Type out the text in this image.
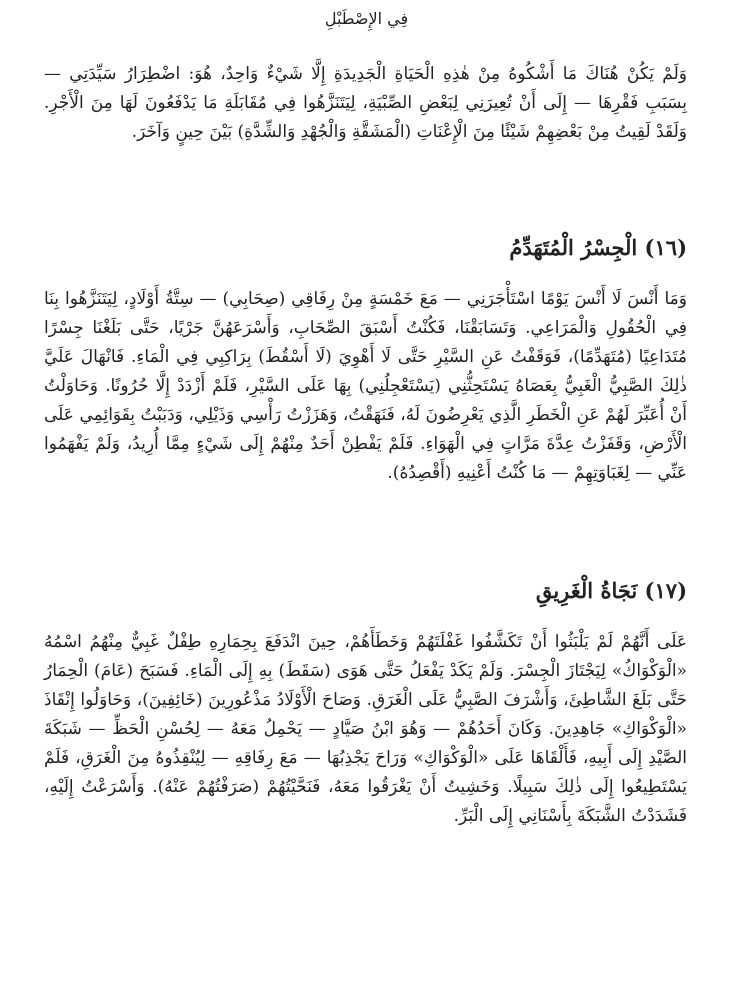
فِي الإِصْطَبْلِ

وَلَمْ يَكُنْ هُنَاكَ مَا أَشْكُوهُ مِنْ هٰذِهِ الْحَيَاةِ الْجَدِيدَةِ إِلَّا شَيْءٌ وَاحِدٌ، هُوَ: اضْطِرَارُ سَيِّدَتِي — بِسَبَبِ فَقْرِهَا — إِلَى أَنْ تُعِيرَنِي لِبَعْضِ الصِّبْيَةِ، لِيَتَنَزَّهُوا فِي مُقَابَلَةِ مَا يَدْفَعُونَ لَهَا مِنَ الْأَجْرِ. وَلَقَدْ لَقِيتُ مِنْ بَعْضِهِمْ شَيْئًا مِنَ الْإِعْنَاتِ (الْمَشَقَّةِ وَالْجُهْدِ وَالشِّدَّةِ) بَيْنَ حِينٍ وَآخَرَ.

(١٦) الْجِسْرُ الْمُتَهَدِّمُ

وَمَا أَنْسَ لَا أَنْسَ يَوْمًا اسْتَأْجَرَنِي — مَعَ خَمْسَةٍ مِنْ رِفَاقِي (صِحَابِي) — سِتَّةُ أَوْلَادٍ، لِيَتَنَزَّهُوا بِنَا فِي الْحُقُولِ وَالْمَرَاعِي. وَتَسَابَقْنَا، فَكُنْتُ أَسْبَقَ الصِّحَابِ، وَأَسْرَعَهُنَّ جَرْيًا، حَتَّى بَلَغْنَا جِسْرًا مُتَدَاعِيًا (مُتَهَدِّمًا)، فَوَقَفْتُ عَنِ السَّيْرِ حَتَّى لَا أَهْوِيَ (لَا أَسْقُطَ) بِرَاكِبِي فِي الْمَاءِ. فَانْهَالَ عَلَيَّ ذٰلِكَ الصَّبِيُّ الْغَبِيُّ بِعَصَاهُ يَسْتَحِثُّنِي (يَسْتَعْجِلُنِي) بِهَا عَلَى السَّيْرِ، فَلَمْ أَزْدَدْ إِلَّا حُرُونًا. وَحَاوَلْتُ أَنْ أُعَبِّرَ لَهُمْ عَنِ الْخَطَرِ الَّذِي يَعْرِضُونَ لَهُ، فَنَهَقْتُ، وَهَزَزْتُ رَأْسِي وَذَيْلِي، وَدَبَبْتُ بِقَوَائِمِي عَلَى الْأَرْضِ، وَقَفَزْتُ عِدَّةَ مَرَّاتٍ فِي الْهَوَاءِ. فَلَمْ يَفْطِنْ أَحَدٌ مِنْهُمْ إِلَى شَيْءٍ مِمَّا أُرِيدُ، وَلَمْ يَفْهَمُوا عَنِّي — لِغَبَاوَتِهِمْ — مَا كُنْتُ أَعْنِيهِ (أَقْصِدُهُ).

(١٧) نَجَاةُ الْغَرِيقِ

عَلَى أَنَّهُمْ لَمْ يَلْبَثُوا أَنْ تَكَشَّفُوا غَفْلَتَهُمْ وَخَطَأَهُمْ، حِينَ انْدَفَعَ بِحِمَارِهِ طِفْلٌ غَبِيٌّ مِنْهُمُ اسْمُهُ «الْوَكْوَاكُ» لِيَجْتَازَ الْجِسْرَ. وَلَمْ يَكَدْ يَفْعَلُ حَتَّى هَوَى (سَقَطَ) بِهِ إِلَى الْمَاءِ. فَسَبَحَ (عَامَ) الْحِمَارُ حَتَّى بَلَغَ الشَّاطِئَ، وَأَشْرَفَ الصَّبِيُّ عَلَى الْغَرَقِ. وَصَاحَ الْأَوْلَادُ مَذْعُورِينَ (خَائِفِينَ)، وَحَاوَلُوا إِنْقَاذَ «الْوَكْوَاكِ» جَاهِدِينَ. وَكَانَ أَحَدُهُمْ — وَهُوَ ابْنُ صَيَّادٍ — يَحْمِلُ مَعَهُ — لِحُسْنِ الْحَظِّ — شَبَكَةَ الصَّيْدِ إِلَى أَبِيهِ، فَأَلْقَاهَا عَلَى «الْوَكْوَاكِ» وَرَاحَ يَجْذِبُهَا — مَعَ رِفَاقِهِ — لِيُنْقِذُوهُ مِنَ الْغَرَقِ، فَلَمْ يَسْتَطِيعُوا إِلَى ذٰلِكَ سَبِيلًا. وَخَشِيتُ أَنْ يَغْرَقُوا مَعَهُ، فَنَحَّيْتُهُمْ (صَرَفْتُهُمْ عَنْهُ). وَأَسْرَعْتُ إِلَيْهِ، فَشَدَدْتُ الشَّبَكَةَ بِأَسْنَانِي إِلَى الْبَرِّ.
